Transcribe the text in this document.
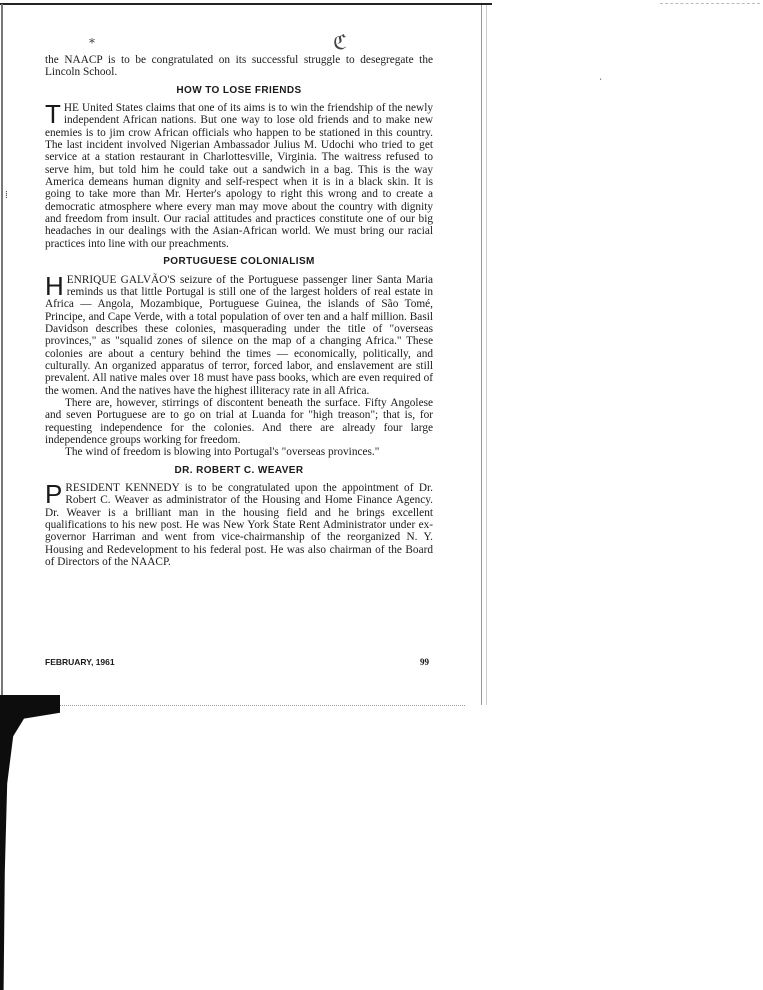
⁎	ℭ
⸼
⁞

the NAACP is to be congratulated on its successful struggle to desegregate the Lincoln School.

HOW TO LOSE FRIENDS

THE United States claims that one of its aims is to win the friendship of the newly independent African nations. But one way to lose old friends and to make new enemies is to jim crow African officials who happen to be stationed in this country. The last incident involved Nigerian Ambassador Julius M. Udochi who tried to get service at a station restaurant in Charlottesville, Virginia. The waitress refused to serve him, but told him he could take out a sandwich in a bag. This is the way America demeans human dignity and self-respect when it is in a black skin. It is going to take more than Mr. Herter's apology to right this wrong and to create a democratic atmosphere where every man may move about the country with dignity and freedom from insult. Our racial attitudes and practices constitute one of our big headaches in our dealings with the Asian-African world. We must bring our racial practices into line with our preachments.

PORTUGUESE COLONIALISM

HENRIQUE GALVÃO'S seizure of the Portuguese passenger liner Santa Maria reminds us that little Portugal is still one of the largest holders of real estate in Africa — Angola, Mozambique, Portuguese Guinea, the islands of São Tomé, Principe, and Cape Verde, with a total population of over ten and a half million. Basil Davidson describes these colonies, masquerading under the title of "overseas provinces," as "squalid zones of silence on the map of a changing Africa." These colonies are about a century behind the times — economically, politically, and culturally. An organized apparatus of terror, forced labor, and enslavement are still prevalent. All native males over 18 must have pass books, which are even required of the women. And the natives have the highest illiteracy rate in all Africa.

There are, however, stirrings of discontent beneath the surface. Fifty Angolese and seven Portuguese are to go on trial at Luanda for "high treason"; that is, for requesting independence for the colonies. And there are already four large independence groups working for freedom.

The wind of freedom is blowing into Portugal's "overseas provinces."

DR. ROBERT C. WEAVER

PRESIDENT KENNEDY is to be congratulated upon the appointment of Dr. Robert C. Weaver as administrator of the Housing and Home Finance Agency. Dr. Weaver is a brilliant man in the housing field and he brings excellent qualifications to his new post. He was New York State Rent Administrator under ex-governor Harriman and went from vice-chairmanship of the reorganized N. Y. Housing and Redevelopment to his federal post. He was also chairman of the Board of Directors of the NAACP.

FEBRUARY, 1961	99
